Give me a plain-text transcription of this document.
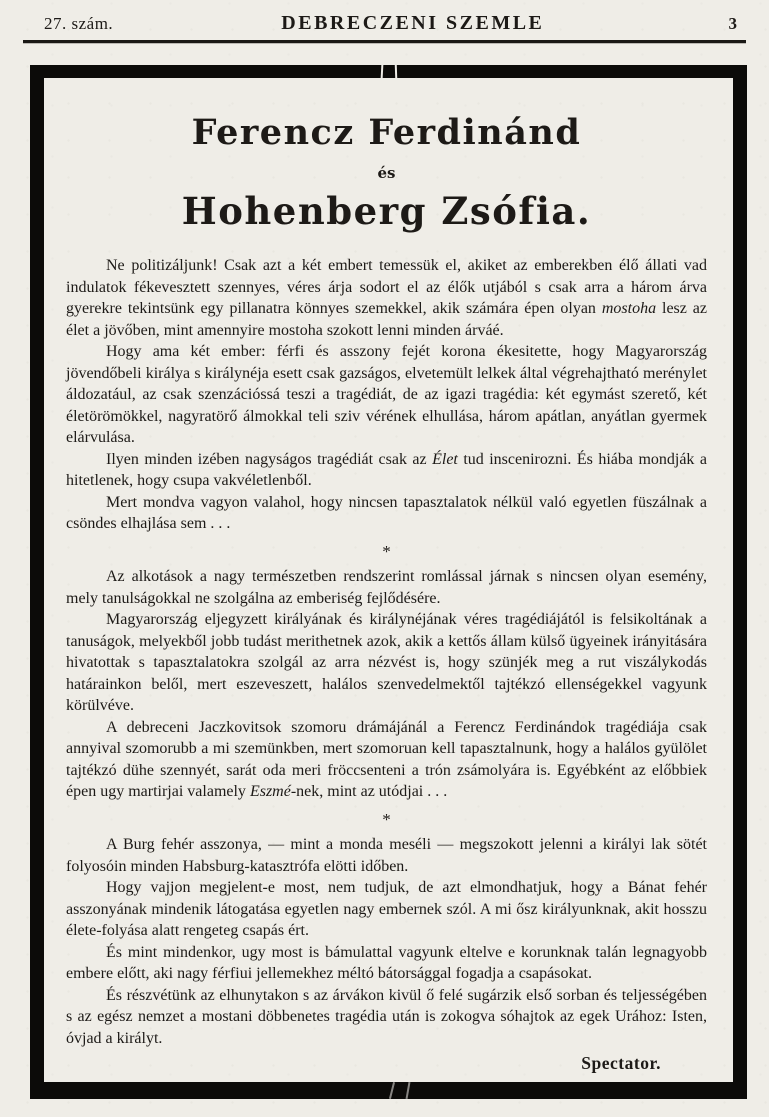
27. szám.	DEBRECZENI SZEMLE	3
Ferencz Ferdinánd
és
Hohenberg Zsófia.

Ne politizáljunk! Csak azt a két embert temessük el, akiket az emberekben élő állati vad indulatok fékevesztett szennyes, véres árja sodort el az élők utjából s csak arra a három árva gyerekre tekintsünk egy pillanatra könnyes szemekkel, akik számára épen olyan mostoha lesz az élet a jövőben, mint amennyire mostoha szokott lenni minden árváé.

Hogy ama két ember: férfi és asszony fejét korona ékesitette, hogy Magyarország jövendőbeli királya s királynéja esett csak gazságos, elvetemült lelkek által végrehajtható merénylet áldozatául, az csak szenzációssá teszi a tragédiát, de az igazi tragédia: két egymást szerető, két életörömökkel, nagyratörő álmokkal teli sziv vérének elhullása, három apátlan, anyátlan gyermek elárvulása.

Ilyen minden izében nagyságos tragédiát csak az Élet tud inscenirozni. És hiába mondják a hitetlenek, hogy csupa vakvéletlenből.

Mert mondva vagyon valahol, hogy nincsen tapasztalatok nélkül való egyetlen füszálnak a csöndes elhajlása sem . . .

*

Az alkotások a nagy természetben rendszerint romlással járnak s nincsen olyan esemény, mely tanulságokkal ne szolgálna az emberiség fejlődésére.

Magyarország eljegyzett királyának és királynéjának véres tragédiájától is felsikoltának a tanuságok, melyekből jobb tudást merithetnek azok, akik a kettős állam külső ügyeinek irányitására hivatottak s tapasztalatokra szolgál az arra nézvést is, hogy szünjék meg a rut viszálykodás határainkon belől, mert eszeveszett, halálos szenvedelmektől tajtékzó ellenségekkel vagyunk körülvéve.

A debreceni Jaczkovitsok szomoru drámájánál a Ferencz Ferdinándok tragédiája csak annyival szomorubb a mi szemünkben, mert szomoruan kell tapasztalnunk, hogy a halálos gyülölet tajtékzó dühe szennyét, sarát oda meri fröccsenteni a trón zsámolyára is. Egyébként az előbbiek épen ugy martirjai valamely Eszmé-nek, mint az utódjai . . .

*

A Burg fehér asszonya, — mint a monda meséli — megszokott jelenni a királyi lak sötét folyosóin minden Habsburg-katasztrófa elötti időben.

Hogy vajjon megjelent-e most, nem tudjuk, de azt elmondhatjuk, hogy a Bánat fehér asszonyának mindenik látogatása egyetlen nagy embernek szól. A mi ősz királyunknak, akit hosszu élete-folyása alatt rengeteg csapás ért.

És mint mindenkor, ugy most is bámulattal vagyunk eltelve e korunknak talán legnagyobb embere előtt, aki nagy férfiui jellemekhez méltó bátorsággal fogadja a csapásokat.

És részvétünk az elhunytakon s az árvákon kivül ő felé sugárzik első sorban és teljességében s az egész nemzet a mostani döbbenetes tragédia után is zokogva sóhajtok az egek Urához: Isten, óvjad a királyt.

Spectator.
